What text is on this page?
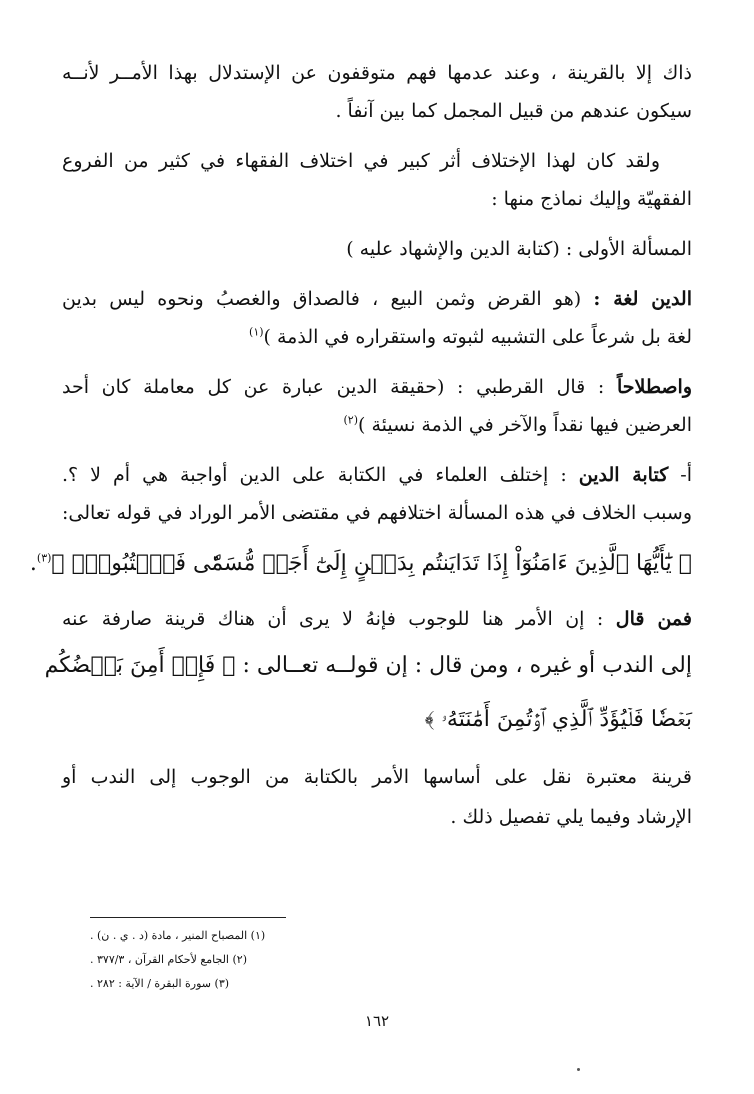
ذاك إلا بالقرينة ، وعند عدمها فهم متوقفون عن الإستدلال بهذا الأمــر لأنــه
سيكون عندهم من قبيل المجمل كما بين آنفاً .
ولقد كان لهذا الإختلاف أثر كبير في اختلاف الفقهاء في كثير من الفروع
الفقهيّة وإليك نماذج منها :
المسألة الأولى : (كتابة الدين والإشهاد عليه )
الدين لغة : (هو القرض وثمن البيع ، فالصداق والغصبُ ونحوه ليس بدين
لغة بل شرعاً على التشبيه لثبوته واستقراره في الذمة )$^{(١)}$
واصطلاحاً : قال القرطبي : (حقيقة الدين عبارة عن كل معاملة كان أحد
العرضين فيها نقداً والآخر في الذمة نسيئة )$^{(٢)}$
أ- كتابة الدين : إختلف العلماء في الكتابة على الدين أواجبة هي أم لا ؟.
وسبب الخلاف في هذه المسألة اختلافهم في مقتضى الأمر الوراد في قوله تعالى:
﴿ يَٰٓأَيُّهَا ٱلَّذِينَ ءَامَنُوٓاْ إِذَا تَدَايَنتُم بِدَيۡنٍ إِلَىٰٓ أَجَلٖ مُّسَمّٗى فَٱكۡتُبُوهُۚ ﴾$^{(٣)}$.
فمن قال : إن الأمر هنا للوجوب فإنهُ لا يرى أن هناك قرينة صارفة عنه
إلى الندب أو غيره ، ومن قال : إن قولــه تعــالى : ﴿ فَإِنۡ أَمِنَ بَعۡضُكُم
بَعۡضٗا فَلۡيُؤَدِّ ٱلَّذِي ٱؤۡتُمِنَ أَمَٰنَتَهُۥ ﴾
قرينة معتبرة نقل على أساسها الأمر بالكتابة من الوجوب إلى الندب أو
الإرشاد وفيما يلي تفصيل ذلك .
(١) المصباح المنير ، مادة (د . ي . ن) .
(٢) الجامع لأحكام القرآن ، ٣٧٧/٣ .
(٣) سورة البقرة / الآية : ٢٨٢ .
١٦٢
